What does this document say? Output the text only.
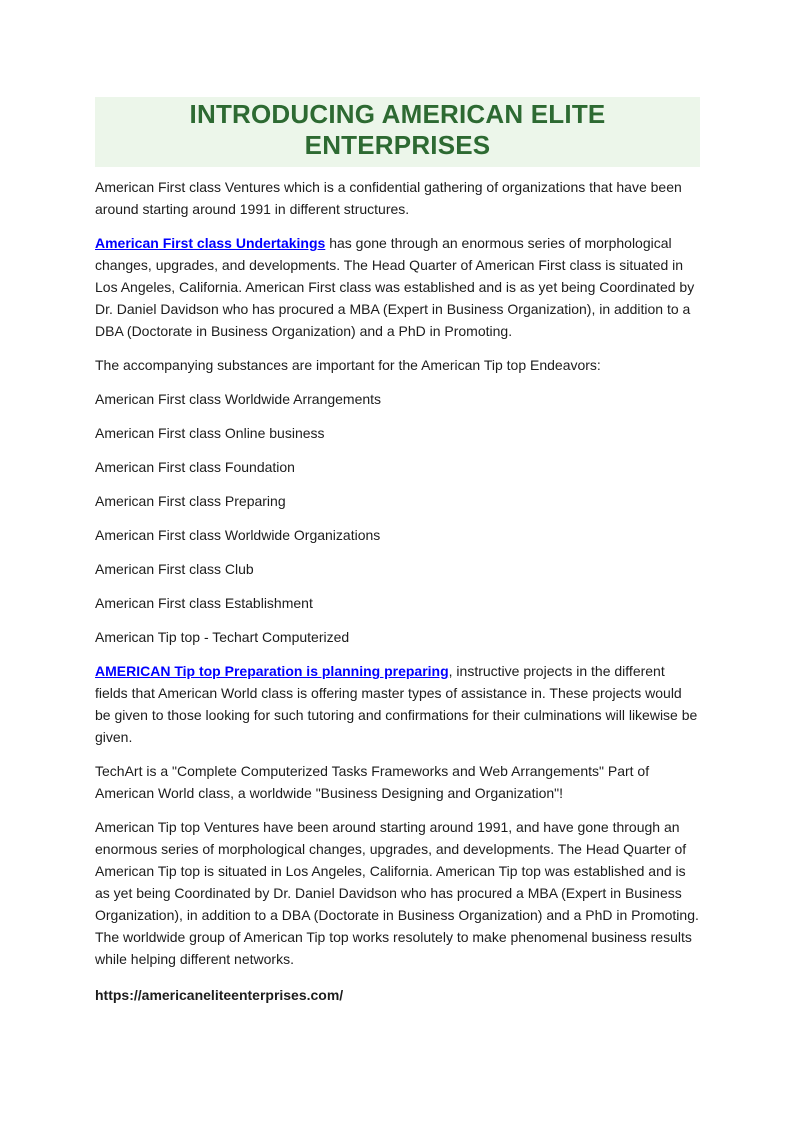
INTRODUCING AMERICAN ELITE
ENTERPRISES

American First class Ventures which is a confidential gathering of organizations that have been around starting around 1991 in different structures.

American First class Undertakings has gone through an enormous series of morphological changes, upgrades, and developments. The Head Quarter of American First class is situated in Los Angeles, California. American First class was established and is as yet being Coordinated by Dr. Daniel Davidson who has procured a MBA (Expert in Business Organization), in addition to a DBA (Doctorate in Business Organization) and a PhD in Promoting.

The accompanying substances are important for the American Tip top Endeavors:

American First class Worldwide Arrangements

American First class Online business

American First class Foundation

American First class Preparing

American First class Worldwide Organizations

American First class Club

American First class Establishment

American Tip top - Techart Computerized

AMERICAN Tip top Preparation is planning preparing, instructive projects in the different fields that American World class is offering master types of assistance in. These projects would be given to those looking for such tutoring and confirmations for their culminations will likewise be given.

TechArt is a "Complete Computerized Tasks Frameworks and Web Arrangements" Part of American World class, a worldwide "Business Designing and Organization"!

American Tip top Ventures have been around starting around 1991, and have gone through an enormous series of morphological changes, upgrades, and developments. The Head Quarter of American Tip top is situated in Los Angeles, California. American Tip top was established and is as yet being Coordinated by Dr. Daniel Davidson who has procured a MBA (Expert in Business Organization), in addition to a DBA (Doctorate in Business Organization) and a PhD in Promoting. The worldwide group of American Tip top works resolutely to make phenomenal business results while helping different networks.

https://americaneliteenterprises.com/
